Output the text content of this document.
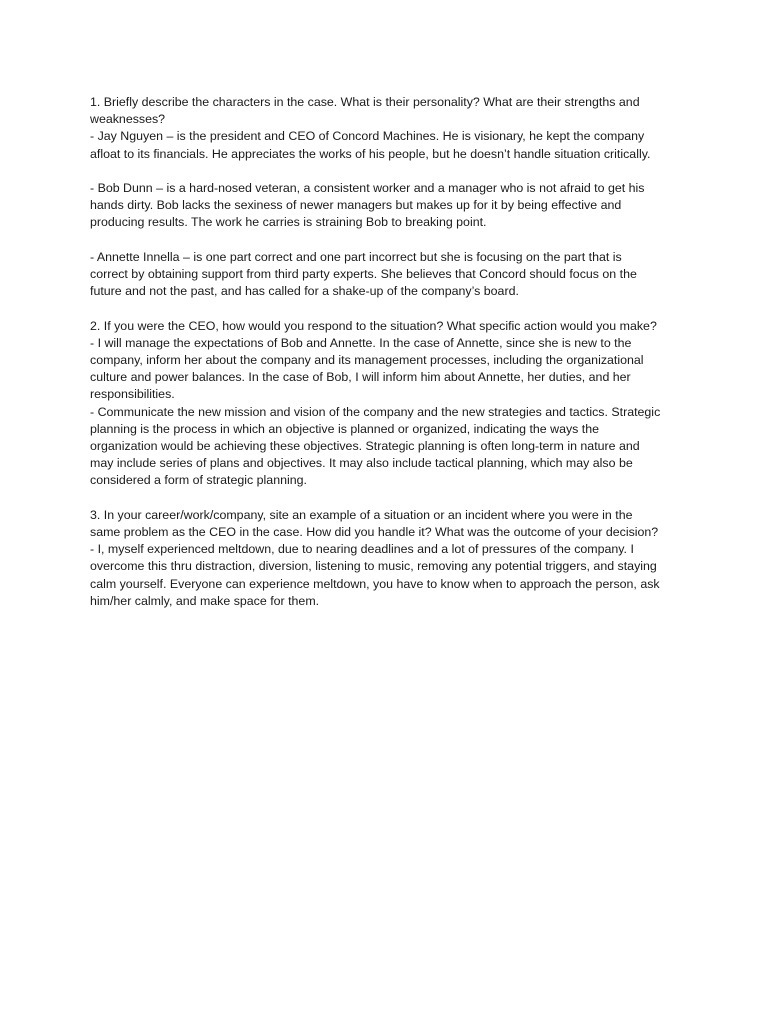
1. Briefly describe the characters in the case. What is their personality? What are their strengths and
weaknesses?
- Jay Nguyen – is the president and CEO of Concord Machines. He is visionary, he kept the company
afloat to its financials. He appreciates the works of his people, but he doesn’t handle situation critically.
- Bob Dunn – is a hard-nosed veteran, a consistent worker and a manager who is not afraid to get his
hands dirty. Bob lacks the sexiness of newer managers but makes up for it by being effective and
producing results. The work he carries is straining Bob to breaking point.
- Annette Innella – is one part correct and one part incorrect but she is focusing on the part that is
correct by obtaining support from third party experts. She believes that Concord should focus on the
future and not the past, and has called for a shake-up of the company’s board.
2. If you were the CEO, how would you respond to the situation? What specific action would you make?
- I will manage the expectations of Bob and Annette. In the case of Annette, since she is new to the
company, inform her about the company and its management processes, including the organizational
culture and power balances. In the case of Bob, I will inform him about Annette, her duties, and her
responsibilities.
- Communicate the new mission and vision of the company and the new strategies and tactics. Strategic
planning is the process in which an objective is planned or organized, indicating the ways the
organization would be achieving these objectives. Strategic planning is often long-term in nature and
may include series of plans and objectives. It may also include tactical planning, which may also be
considered a form of strategic planning.
3. In your career/work/company, site an example of a situation or an incident where you were in the
same problem as the CEO in the case. How did you handle it? What was the outcome of your decision?
- I, myself experienced meltdown, due to nearing deadlines and a lot of pressures of the company. I
overcome this thru distraction, diversion, listening to music, removing any potential triggers, and staying
calm yourself. Everyone can experience meltdown, you have to know when to approach the person, ask
him/her calmly, and make space for them.
